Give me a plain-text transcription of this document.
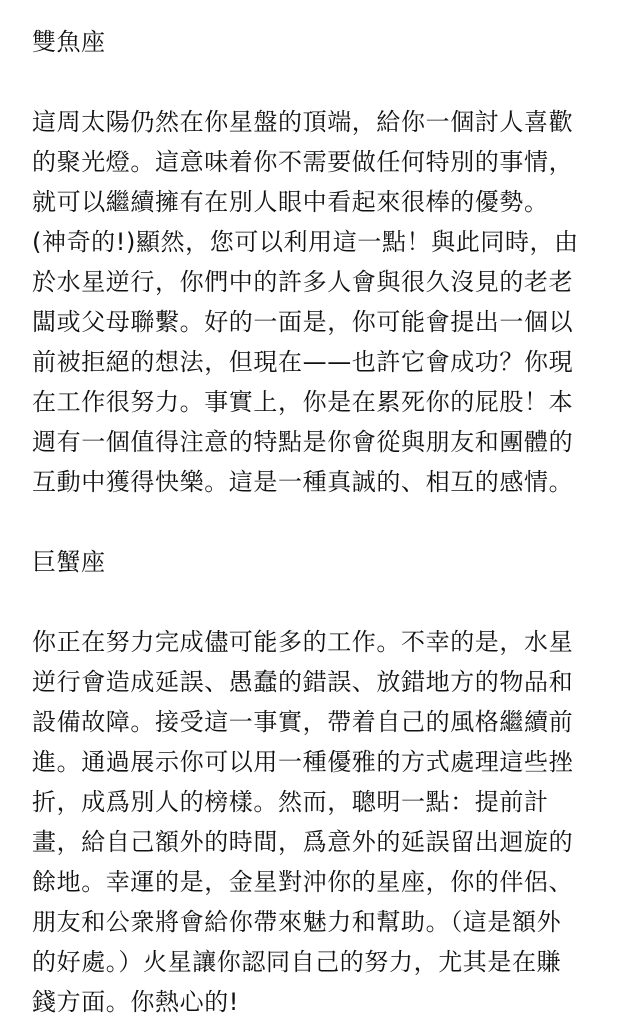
雙魚座

這周太陽仍然在你星盤的頂端，給你一個討人喜歡
的聚光燈。這意味着你不需要做任何特別的事情，
就可以繼續擁有在別人眼中看起來很棒的優勢。
(神奇的!)顯然，您可以利用這一點！與此同時，由
於水星逆行，你們中的許多人會與很久沒見的老老
闆或父母聯繫。好的一面是，你可能會提出一個以
前被拒絕的想法，但現在——也許它會成功？你現
在工作很努力。事實上，你是在累死你的屁股！本
週有一個值得注意的特點是你會從與朋友和團體的
互動中獲得快樂。這是一種真誠的、相互的感情。

巨蟹座

你正在努力完成儘可能多的工作。不幸的是，水星
逆行會造成延誤、愚蠢的錯誤、放錯地方的物品和
設備故障。接受這一事實，帶着自己的風格繼續前
進。通過展示你可以用一種優雅的方式處理這些挫
折，成爲別人的榜樣。然而，聰明一點：提前計
畫，給自己額外的時間，爲意外的延誤留出迴旋的
餘地。幸運的是，金星對沖你的星座，你的伴侶、
朋友和公衆將會給你帶來魅力和幫助。（這是額外
的好處。）火星讓你認同自己的努力，尤其是在賺
錢方面。你熱心的!
